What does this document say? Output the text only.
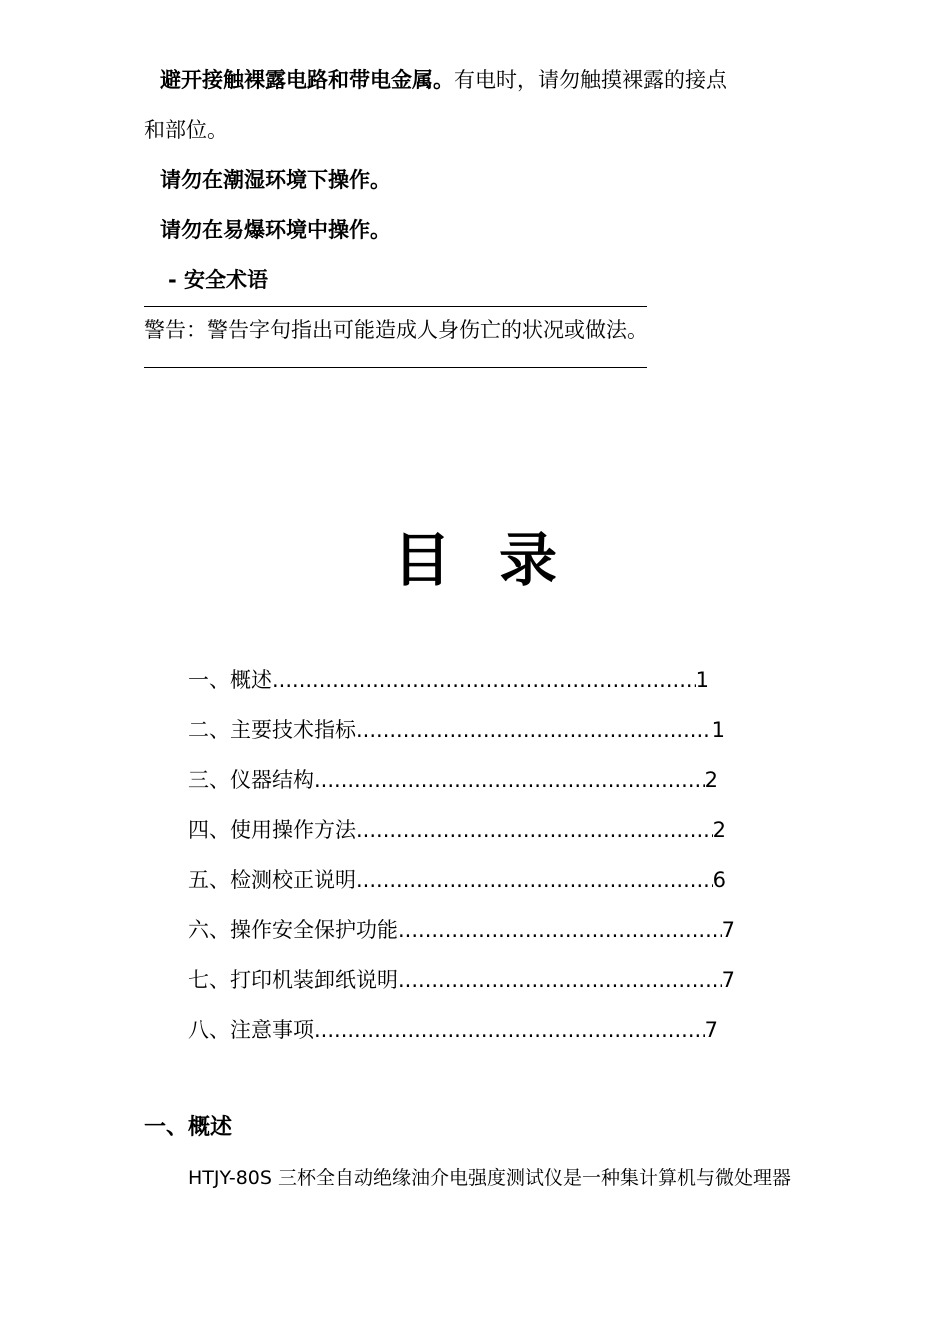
避开接触裸露电路和带电金属。有电时，请勿触摸裸露的接点
和部位。
请勿在潮湿环境下操作。
请勿在易爆环境中操作。
- 安全术语
警告：警告字句指出可能造成人身伤亡的状况或做法。
目录
一、概述 .....	1
二、主要技术指标 .....	1
三、仪器结构 .....	2
四、使用操作方法 .....	2
五、检测校正说明 .....	6
六、操作安全保护功能 .....	7
七、打印机装卸纸说明 .....	7
八、注意事项 .....	7
一、概述
HTJY-80S 三杯全自动绝缘油介电强度测试仪是一种集计算机与微处理器
